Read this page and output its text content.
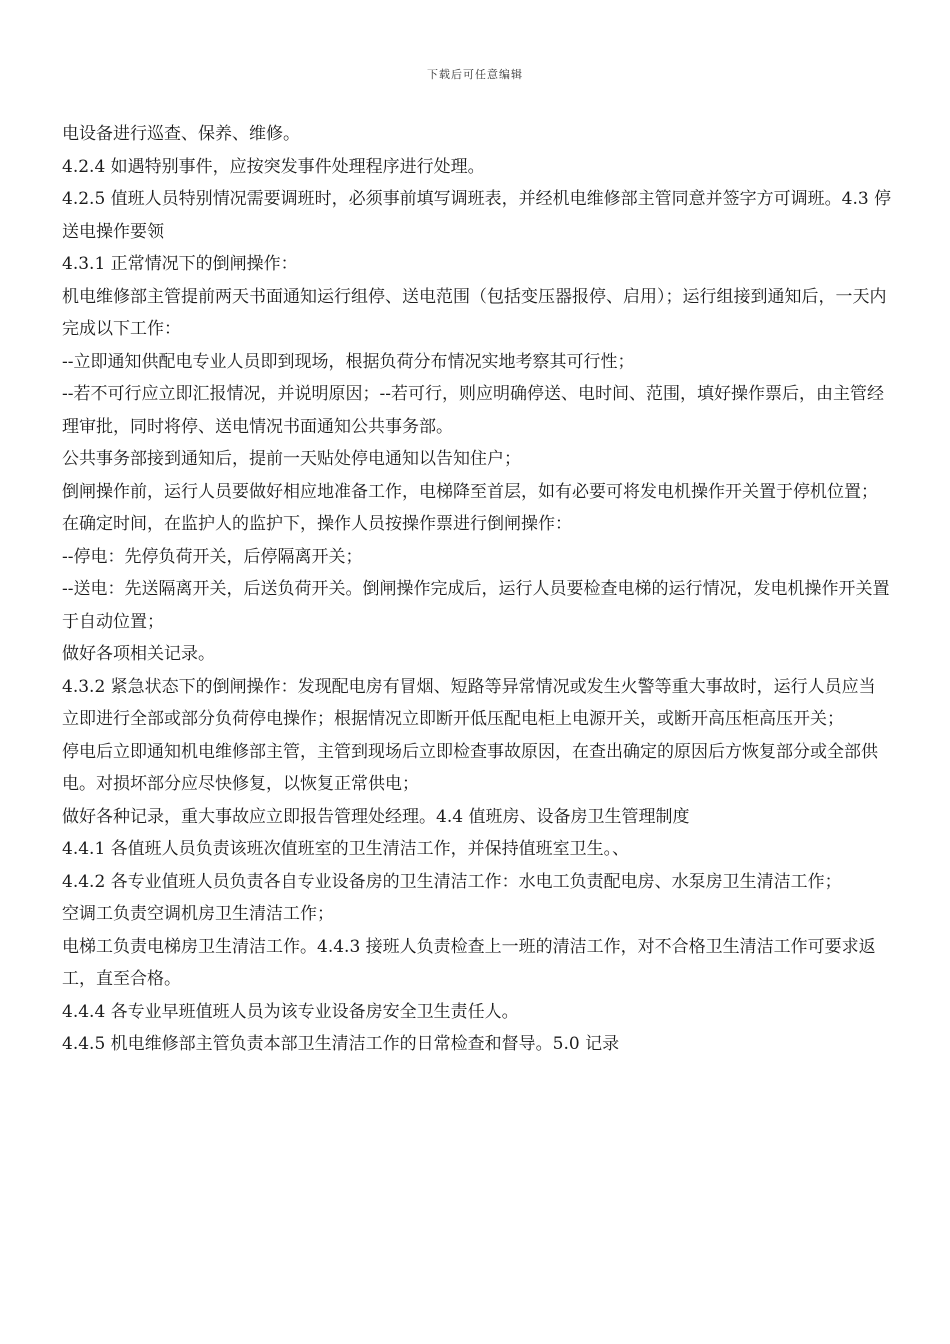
下载后可任意编辑

电设备进行巡查、保养、维修。

4.2.4 如遇特别事件，应按突发事件处理程序进行处理。

4.2.5 值班人员特别情况需要调班时，必须事前填写调班表，并经机电维修部主管同意并签字方可调班。4.3 停送电操作要领

4.3.1 正常情况下的倒闸操作：

机电维修部主管提前两天书面通知运行组停、送电范围（包括变压器报停、启用）；运行组接到通知后，一天内完成以下工作：

--立即通知供配电专业人员即到现场，根据负荷分布情况实地考察其可行性；

--若不可行应立即汇报情况，并说明原因；--若可行，则应明确停送、电时间、范围，填好操作票后，由主管经理审批，同时将停、送电情况书面通知公共事务部。

公共事务部接到通知后，提前一天贴处停电通知以告知住户；

倒闸操作前，运行人员要做好相应地准备工作，电梯降至首层，如有必要可将发电机操作开关置于停机位置；在确定时间，在监护人的监护下，操作人员按操作票进行倒闸操作：

--停电：先停负荷开关，后停隔离开关；

--送电：先送隔离开关，后送负荷开关。倒闸操作完成后，运行人员要检查电梯的运行情况，发电机操作开关置于自动位置；

做好各项相关记录。

4.3.2 紧急状态下的倒闸操作：发现配电房有冒烟、短路等异常情况或发生火警等重大事故时，运行人员应当立即进行全部或部分负荷停电操作；根据情况立即断开低压配电柜上电源开关，或断开高压柜高压开关；

停电后立即通知机电维修部主管，主管到现场后立即检查事故原因，在查出确定的原因后方恢复部分或全部供电。对损坏部分应尽快修复，以恢复正常供电；

做好各种记录，重大事故应立即报告管理处经理。4.4 值班房、设备房卫生管理制度

4.4.1 各值班人员负责该班次值班室的卫生清洁工作，并保持值班室卫生。、

4.4.2 各专业值班人员负责各自专业设备房的卫生清洁工作：水电工负责配电房、水泵房卫生清洁工作；

空调工负责空调机房卫生清洁工作；

电梯工负责电梯房卫生清洁工作。4.4.3 接班人负责检查上一班的清洁工作，对不合格卫生清洁工作可要求返工，直至合格。

4.4.4 各专业早班值班人员为该专业设备房安全卫生责任人。

4.4.5 机电维修部主管负责本部卫生清洁工作的日常检查和督导。5.0 记录
